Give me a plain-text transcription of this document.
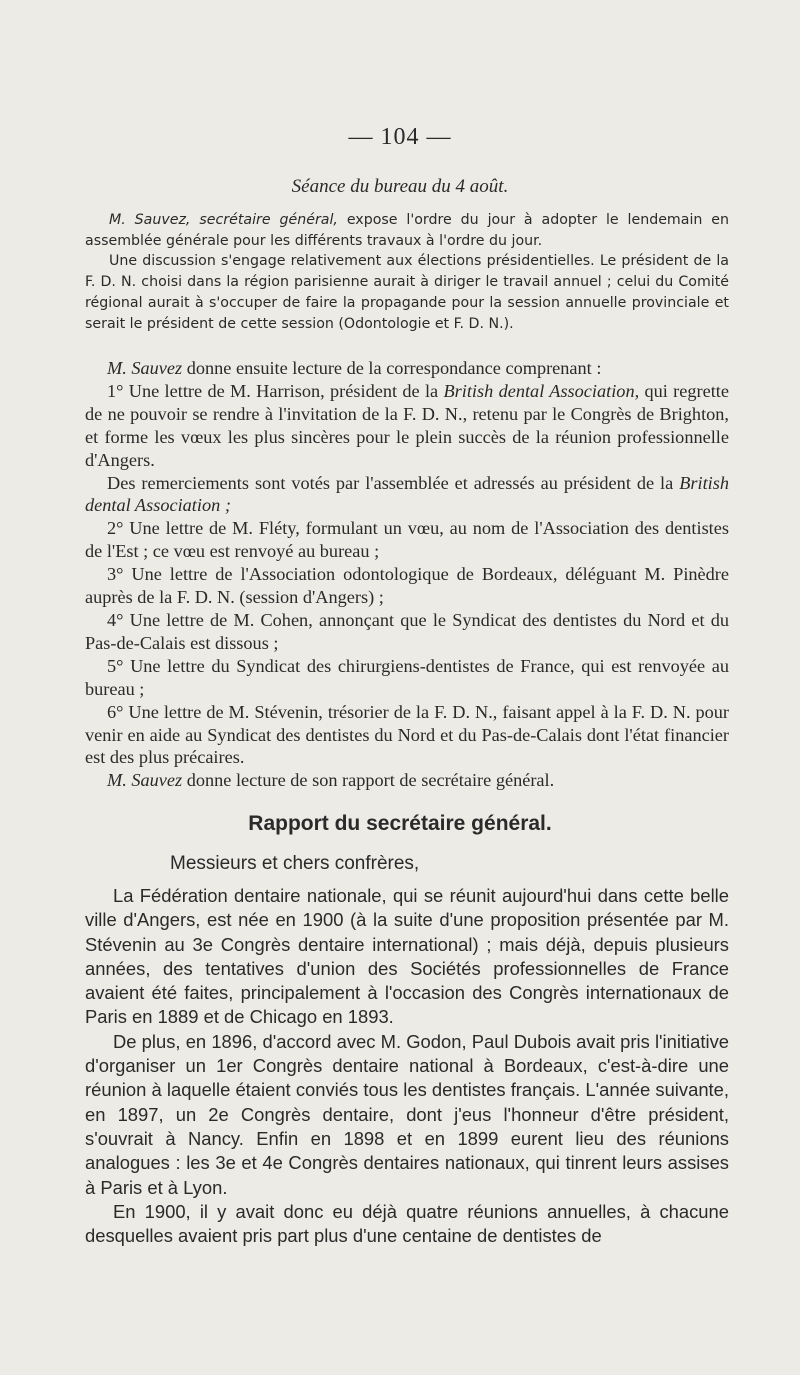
— 104 —
Séance du bureau du 4 août.

M. Sauvez, secrétaire général, expose l'ordre du jour à adopter le lendemain en assemblée générale pour les différents travaux à l'ordre du jour.

Une discussion s'engage relativement aux élections présidentielles. Le président de la F. D. N. choisi dans la région parisienne aurait à diriger le travail annuel ; celui du Comité régional aurait à s'occuper de faire la propagande pour la session annuelle provinciale et serait le président de cette session (Odontologie et F. D. N.).

M. Sauvez donne ensuite lecture de la correspondance comprenant :

1° Une lettre de M. Harrison, président de la British dental Association, qui regrette de ne pouvoir se rendre à l'invitation de la F. D. N., retenu par le Congrès de Brighton, et forme les vœux les plus sincères pour le plein succès de la réunion professionnelle d'Angers.

Des remerciements sont votés par l'assemblée et adressés au président de la British dental Association ;

2° Une lettre de M. Fléty, formulant un vœu, au nom de l'Association des dentistes de l'Est ; ce vœu est renvoyé au bureau ;

3° Une lettre de l'Association odontologique de Bordeaux, déléguant M. Pinèdre auprès de la F. D. N. (session d'Angers) ;

4° Une lettre de M. Cohen, annonçant que le Syndicat des dentistes du Nord et du Pas-de-Calais est dissous ;

5° Une lettre du Syndicat des chirurgiens-dentistes de France, qui est renvoyée au bureau ;

6° Une lettre de M. Stévenin, trésorier de la F. D. N., faisant appel à la F. D. N. pour venir en aide au Syndicat des dentistes du Nord et du Pas-de-Calais dont l'état financier est des plus précaires.

M. Sauvez donne lecture de son rapport de secrétaire général.

Rapport du secrétaire général.
Messieurs et chers confrères,

La Fédération dentaire nationale, qui se réunit aujourd'hui dans cette belle ville d'Angers, est née en 1900 (à la suite d'une proposition présentée par M. Stévenin au 3e Congrès dentaire international) ; mais déjà, depuis plusieurs années, des tentatives d'union des Sociétés professionnelles de France avaient été faites, principalement à l'occasion des Congrès internationaux de Paris en 1889 et de Chicago en 1893.

De plus, en 1896, d'accord avec M. Godon, Paul Dubois avait pris l'initiative d'organiser un 1er Congrès dentaire national à Bordeaux, c'est-à-dire une réunion à laquelle étaient conviés tous les dentistes français. L'année suivante, en 1897, un 2e Congrès dentaire, dont j'eus l'honneur d'être président, s'ouvrait à Nancy. Enfin en 1898 et en 1899 eurent lieu des réunions analogues : les 3e et 4e Congrès dentaires nationaux, qui tinrent leurs assises à Paris et à Lyon.

En 1900, il y avait donc eu déjà quatre réunions annuelles, à chacune desquelles avaient pris part plus d'une centaine de dentistes de
